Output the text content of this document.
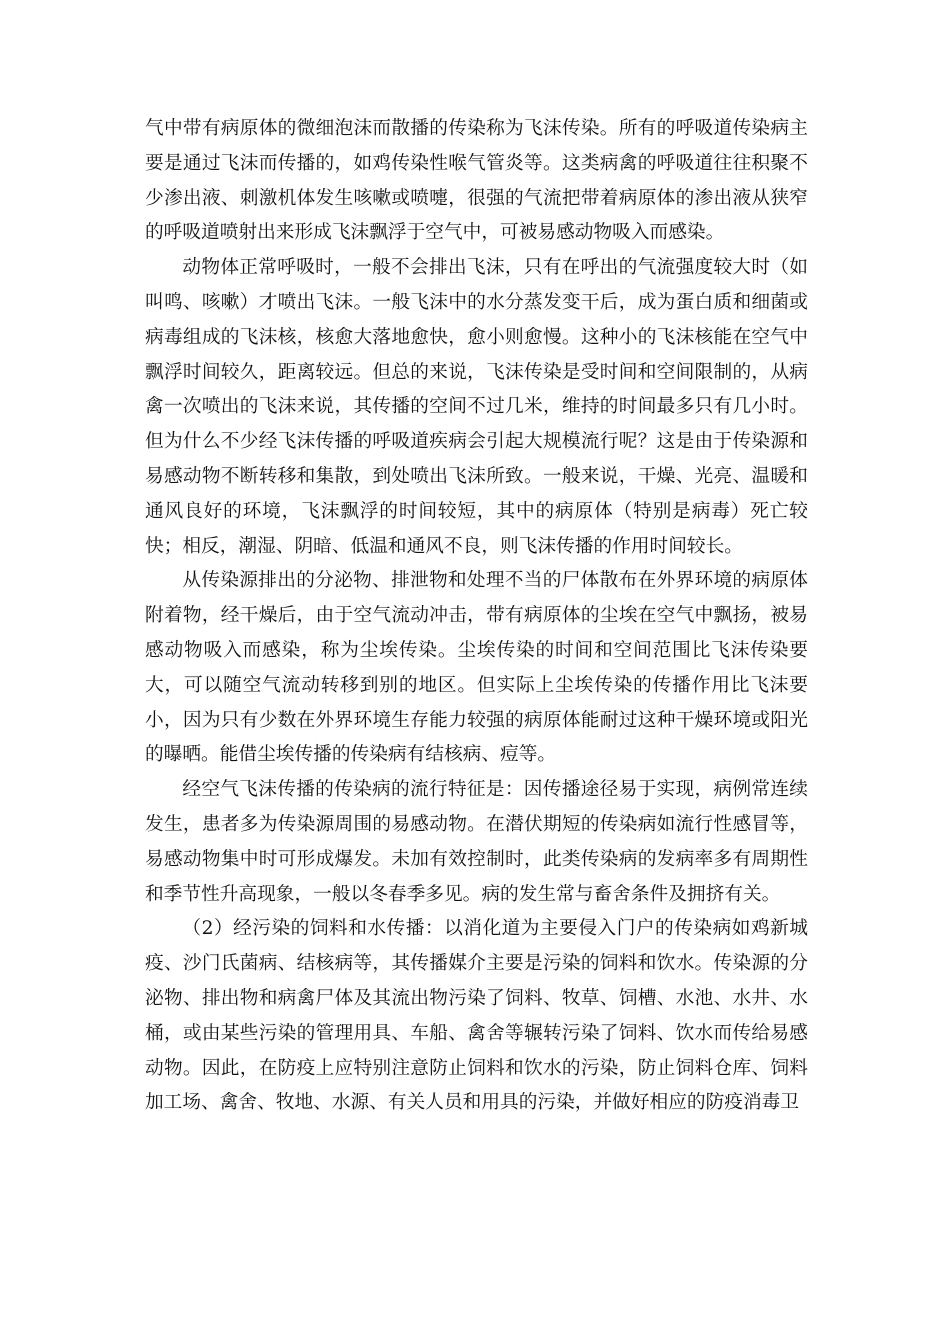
气中带有病原体的微细泡沫而散播的传染称为飞沫传染。所有的呼吸道传染病主要是通过飞沫而传播的，如鸡传染性喉气管炎等。这类病禽的呼吸道往往积聚不少渗出液、刺激机体发生咳嗽或喷嚏，很强的气流把带着病原体的渗出液从狭窄的呼吸道喷射出来形成飞沫飘浮于空气中，可被易感动物吸入而感染。

动物体正常呼吸时，一般不会排出飞沫，只有在呼出的气流强度较大时（如叫鸣、咳嗽）才喷出飞沫。一般飞沫中的水分蒸发变干后，成为蛋白质和细菌或病毒组成的飞沫核，核愈大落地愈快，愈小则愈慢。这种小的飞沫核能在空气中飘浮时间较久，距离较远。但总的来说，飞沫传染是受时间和空间限制的，从病禽一次喷出的飞沫来说，其传播的空间不过几米，维持的时间最多只有几小时。但为什么不少经飞沫传播的呼吸道疾病会引起大规模流行呢？这是由于传染源和易感动物不断转移和集散，到处喷出飞沫所致。一般来说，干燥、光亮、温暖和通风良好的环境，飞沫飘浮的时间较短，其中的病原体（特别是病毒）死亡较快；相反，潮湿、阴暗、低温和通风不良，则飞沫传播的作用时间较长。

从传染源排出的分泌物、排泄物和处理不当的尸体散布在外界环境的病原体附着物，经干燥后，由于空气流动冲击，带有病原体的尘埃在空气中飘扬，被易感动物吸入而感染，称为尘埃传染。尘埃传染的时间和空间范围比飞沫传染要大，可以随空气流动转移到别的地区。但实际上尘埃传染的传播作用比飞沫要小，因为只有少数在外界环境生存能力较强的病原体能耐过这种干燥环境或阳光的曝晒。能借尘埃传播的传染病有结核病、痘等。

经空气飞沫传播的传染病的流行特征是：因传播途径易于实现，病例常连续发生，患者多为传染源周围的易感动物。在潜伏期短的传染病如流行性感冒等，易感动物集中时可形成爆发。未加有效控制时，此类传染病的发病率多有周期性和季节性升高现象，一般以冬春季多见。病的发生常与畜舍条件及拥挤有关。

（2）经污染的饲料和水传播：以消化道为主要侵入门户的传染病如鸡新城疫、沙门氏菌病、结核病等，其传播媒介主要是污染的饲料和饮水。传染源的分泌物、排出物和病禽尸体及其流出物污染了饲料、牧草、饲槽、水池、水井、水桶，或由某些污染的管理用具、车船、禽舍等辗转污染了饲料、饮水而传给易感动物。因此，在防疫上应特别注意防止饲料和饮水的污染，防止饲料仓库、饲料加工场、禽舍、牧地、水源、有关人员和用具的污染，并做好相应的防疫消毒卫
